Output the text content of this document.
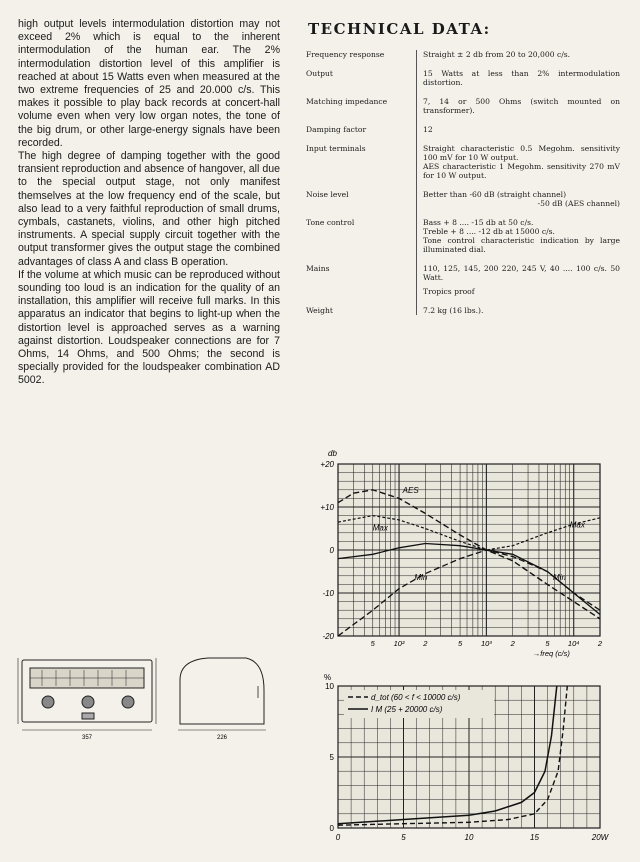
high output levels intermodulation distortion may not exceed 2% which is equal to the inherent intermodulation of the human ear. The 2% intermodulation distortion level of this amplifier is reached at about 15 Watts even when measured at the two extreme frequencies of 25 and 20.000 c/s. This makes it possible to play back records at concert-hall volume even when very low organ notes, the tone of the big drum, or other large-energy signals have been recorded.

The high degree of damping together with the good transient reproduction and absence of hangover, all due to the special output stage, not only manifest themselves at the low frequency end of the scale, but also lead to a very faithful reproduction of small drums, cymbals, castanets, violins, and other high pitched instruments. A special supply circuit together with the output transformer gives the output stage the combined advantages of class A and class B operation.

If the volume at which music can be reproduced without sounding too loud is an indication for the quality of an installation, this amplifier will receive full marks. In this apparatus an indicator that begins to light-up when the distortion level is approached serves as a warning against distortion. Loudspeaker connections are for 7 Ohms, 14 Ohms, and 500 Ohms; the second is specially provided for the loudspeaker combination AD 5002.

TECHNICAL DATA:
Frequency response	Straight ± 2 db from 20 to 20,000 c/s.
Output	15 Watts at less than 2% intermodulation distortion.
Matching impedance	7, 14 or 500 Ohms (switch mounted on transformer).
Damping factor	12
Input terminals	Straight characteristic 0.5 Megohm. sensitivity 100 mV for 10 W output.
AES characteristic 1 Megohm. sensitivity 270 mV for 10 W output.

Noise level	Better than -60 dB (straight channel)
-50 dB (AES channel)

Tone control	Bass + 8 .... -15 db at 50 c/s.
Treble + 8 .... -12 db at 15000 c/s.
Tone control characteristic indication by large illuminated dial.

Mains	110, 125, 145, 200 220, 245 V, 40 .... 100 c/s. 50 Watt.
Tropics proof

Weight	7.2 kg (16 lbs.).
357	226
+20
+10
0
-10
-20
db
5	10²	2	5	10³	2	5 10⁴ 2
→freq (c/s)
AES
Max	Max
Min	Min
d_tot (60 < f < 10000 c/s)
I M (25 + 20000 c/s)
10
5
0
%
0	5	10	15	20W
